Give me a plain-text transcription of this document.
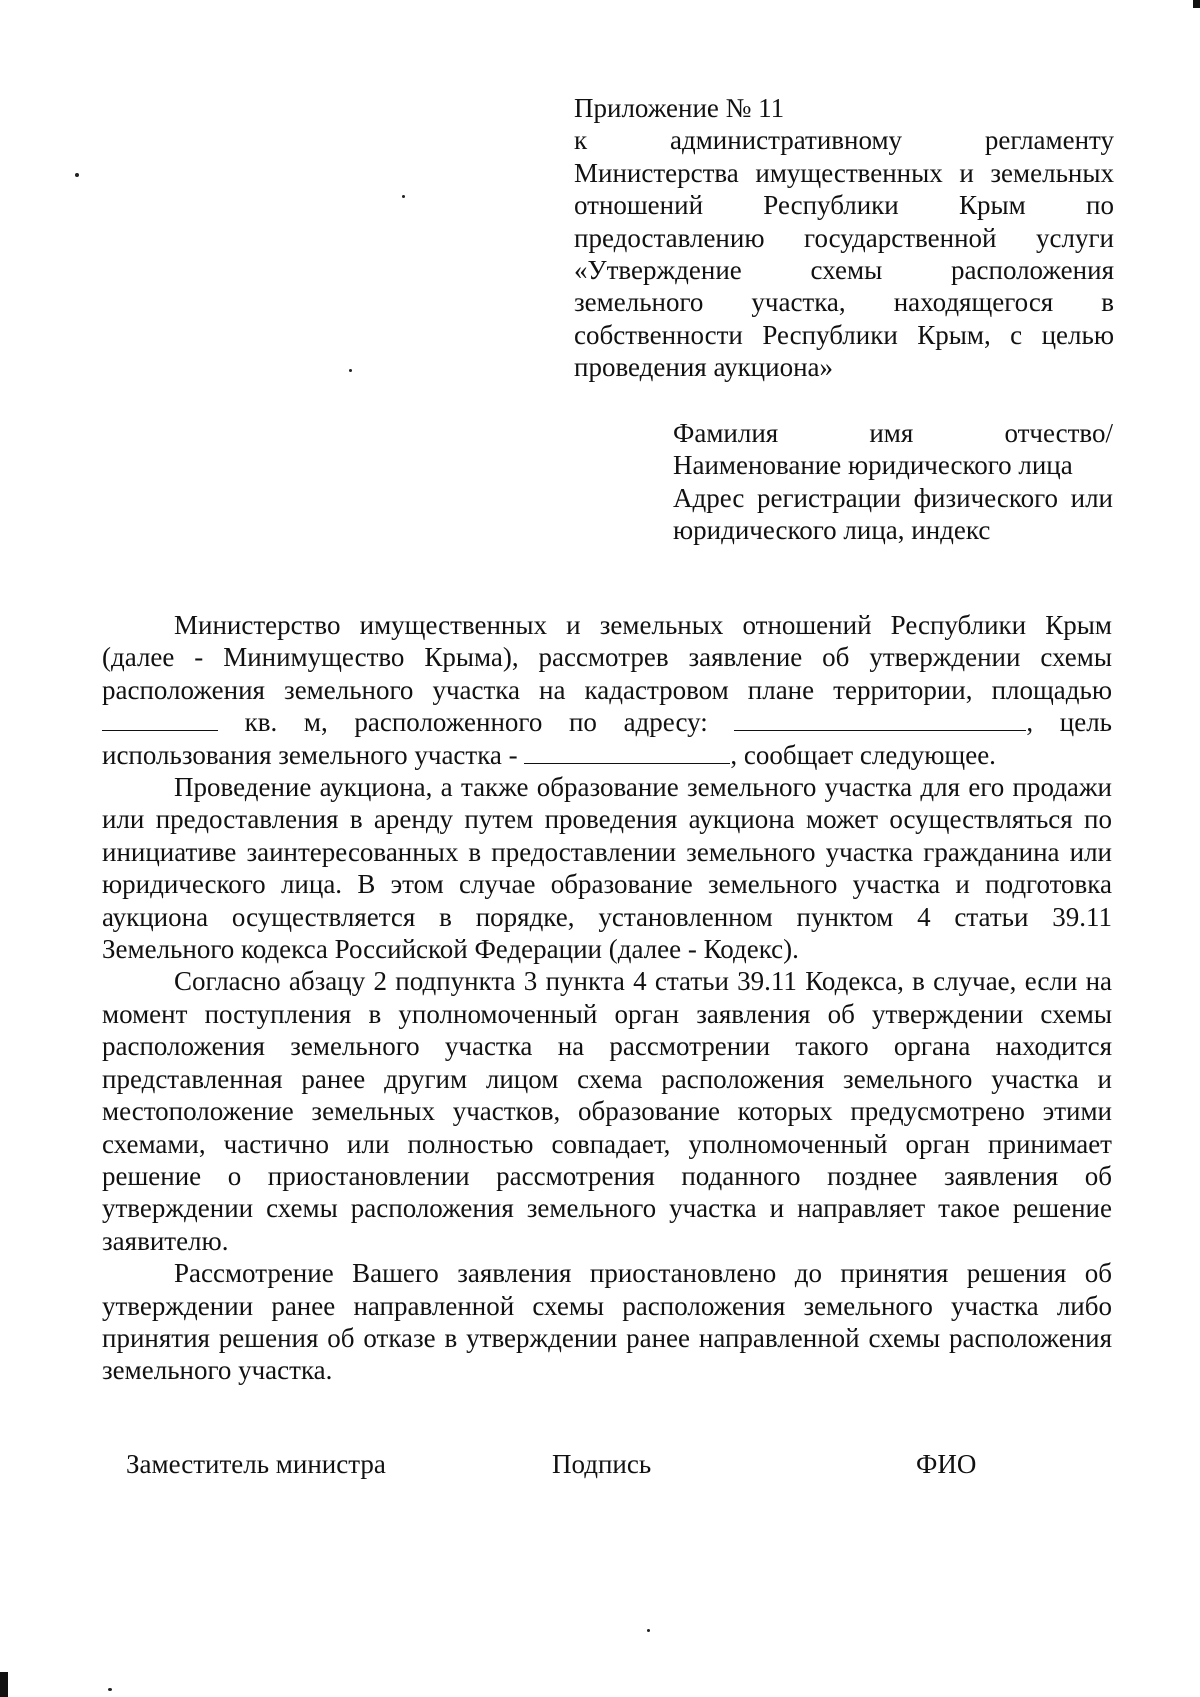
Приложение № 11
к административному регламенту Министерства имущественных и земельных отношений Республики Крым по предоставлению государственной услуги «Утверждение схемы расположения земельного участка, находящегося в собственности Республики Крым, с целью проведения аукциона»
Фамилия имя отчество/
Наименование юридического лица
Адрес регистрации физического или
юридического лица, индекс

Министерство имущественных и земельных отношений Республики Крым (далее - Минимущество Крыма), рассмотрев заявление об утверждении схемы расположения земельного участка на кадастровом плане территории, площадью  кв. м, расположенного по адресу:	, цель использования земельного участка -	, сообщает следующее.

Проведение аукциона, а также образование земельного участка для его продажи или предоставления в аренду путем проведения аукциона может осуществляться по инициативе заинтересованных в предоставлении земельного участка гражданина или юридического лица. В этом случае образование земельного участка и подготовка аукциона осуществляется в порядке, установленном пунктом 4 статьи 39.11 Земельного кодекса Российской Федерации (далее - Кодекс).

Согласно абзацу 2 подпункта 3 пункта 4 статьи 39.11 Кодекса, в случае, если на момент поступления в уполномоченный орган заявления об утверждении схемы расположения земельного участка на рассмотрении такого органа находится представленная ранее другим лицом схема расположения земельного участка и местоположение земельных участков, образование которых предусмотрено этими схемами, частично или полностью совпадает, уполномоченный орган принимает решение о приостановлении рассмотрения поданного позднее заявления об утверждении схемы расположения земельного участка и направляет такое решение заявителю.

Рассмотрение Вашего заявления приостановлено до принятия решения об утверждении ранее направленной схемы расположения земельного участка либо принятия решения об отказе в утверждении ранее направленной схемы расположения земельного участка.

Заместитель министра	Подпись	ФИО
